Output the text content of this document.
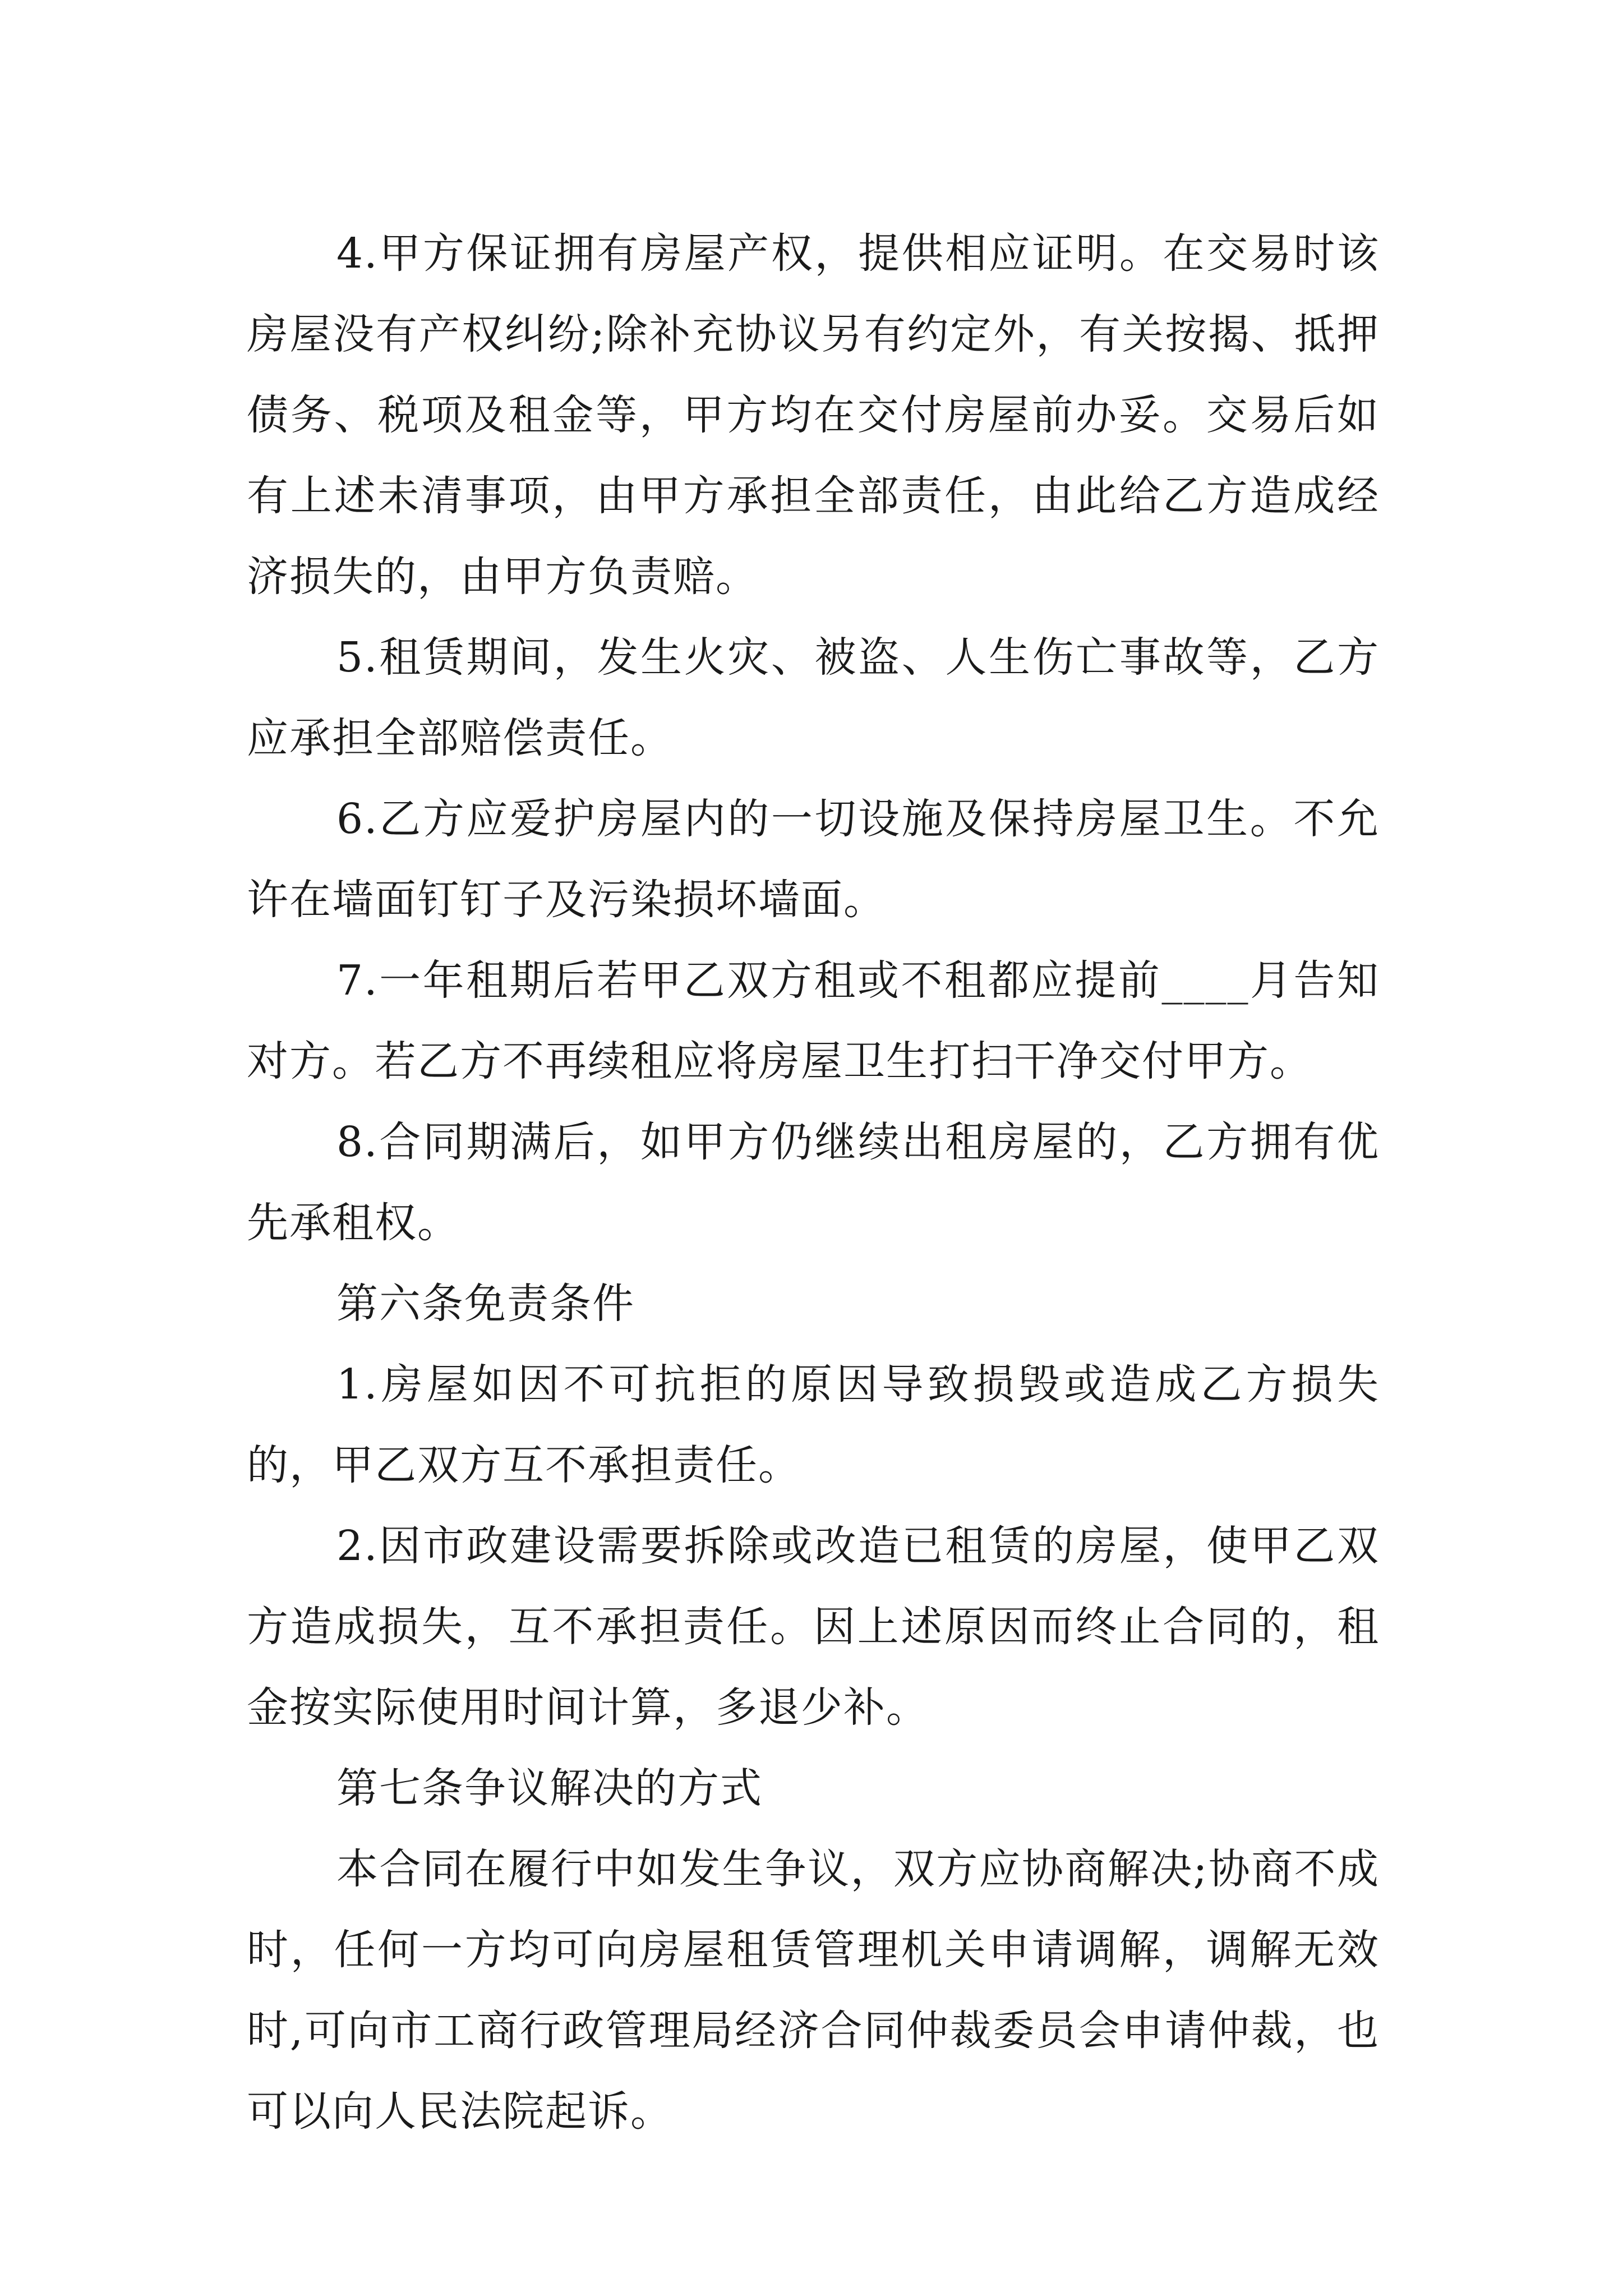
4.甲方保证拥有房屋产权，提供相应证明。在交易时该房屋没有产权纠纷;除补充协议另有约定外，有关按揭、抵押债务、税项及租金等，甲方均在交付房屋前办妥。交易后如有上述未清事项，由甲方承担全部责任，由此给乙方造成经济损失的，由甲方负责赔。

5.租赁期间，发生火灾、被盗、人生伤亡事故等，乙方应承担全部赔偿责任。

6.乙方应爱护房屋内的一切设施及保持房屋卫生。不允许在墙面钉钉子及污染损坏墙面。

7.一年租期后若甲乙双方租或不租都应提前____月告知对方。若乙方不再续租应将房屋卫生打扫干净交付甲方。

8.合同期满后，如甲方仍继续出租房屋的，乙方拥有优先承租权。

第六条免责条件

1.房屋如因不可抗拒的原因导致损毁或造成乙方损失的，甲乙双方互不承担责任。

2.因市政建设需要拆除或改造已租赁的房屋，使甲乙双方造成损失，互不承担责任。因上述原因而终止合同的，租金按实际使用时间计算，多退少补。

第七条争议解决的方式

本合同在履行中如发生争议，双方应协商解决;协商不成时，任何一方均可向房屋租赁管理机关申请调解，调解无效时,可向市工商行政管理局经济合同仲裁委员会申请仲裁，也可以向人民法院起诉。
